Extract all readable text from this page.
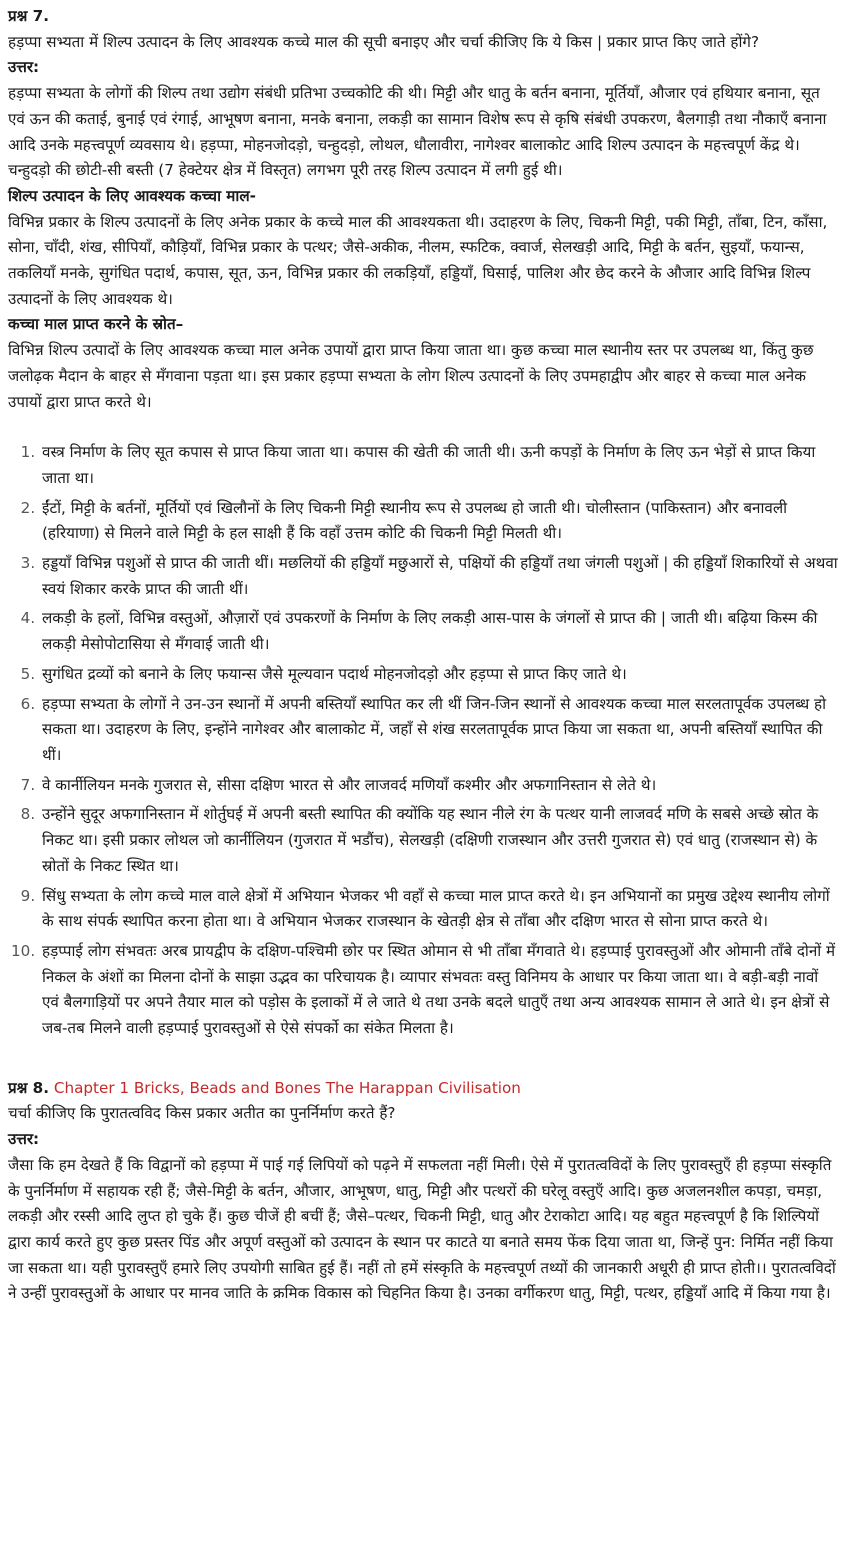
प्रश्न 7.

हड़प्पा सभ्यता में शिल्प उत्पादन के लिए आवश्यक कच्चे माल की सूची बनाइए और चर्चा कीजिए कि ये किस | प्रकार प्राप्त किए जाते होंगे?

उत्तर:

हड़प्पा सभ्यता के लोगों की शिल्प तथा उद्योग संबंधी प्रतिभा उच्चकोटि की थी। मिट्टी और धातु के बर्तन बनाना, मूर्तियाँ, औजार एवं हथियार बनाना, सूत एवं ऊन की कताई, बुनाई एवं रंगाई, आभूषण बनाना, मनके बनाना, लकड़ी का सामान विशेष रूप से कृषि संबंधी उपकरण, बैलगाड़ी तथा नौकाएँ बनाना आदि उनके महत्त्वपूर्ण व्यवसाय थे। हड़प्पा, मोहनजोदड़ो, चन्हुदड़ो, लोथल, धौलावीरा, नागेश्वर बालाकोट आदि शिल्प उत्पादन के महत्त्वपूर्ण केंद्र थे। चन्हुदड़ो की छोटी-सी बस्ती (7 हेक्टेयर क्षेत्र में विस्तृत) लगभग पूरी तरह शिल्प उत्पादन में लगी हुई थी।

शिल्प उत्पादन के लिए आवश्यक कच्चा माल-

विभिन्न प्रकार के शिल्प उत्पादनों के लिए अनेक प्रकार के कच्चे माल की आवश्यकता थी। उदाहरण के लिए, चिकनी मिट्टी, पकी मिट्टी, ताँबा, टिन, काँसा, सोना, चाँदी, शंख, सीपियाँ, कौड़ियाँ, विभिन्न प्रकार के पत्थर; जैसे-अकीक, नीलम, स्फटिक, क्वार्ज, सेलखड़ी आदि, मिट्टी के बर्तन, सुइयाँ, फयान्स, तकलियाँ मनके, सुगंधित पदार्थ, कपास, सूत, ऊन, विभिन्न प्रकार की लकड़ियाँ, हड्डियाँ, घिसाई, पालिश और छेद करने के औजार आदि विभिन्न शिल्प उत्पादनों के लिए आवश्यक थे।

कच्चा माल प्राप्त करने के स्रोत–

विभिन्न शिल्प उत्पादों के लिए आवश्यक कच्चा माल अनेक उपायों द्वारा प्राप्त किया जाता था। कुछ कच्चा माल स्थानीय स्तर पर उपलब्ध था, किंतु कुछ जलोढ़क मैदान के बाहर से मँगवाना पड़ता था। इस प्रकार हड़प्पा सभ्यता के लोग शिल्प उत्पादनों के लिए उपमहाद्वीप और बाहर से कच्चा माल अनेक उपायों द्वारा प्राप्त करते थे।

1. वस्त्र निर्माण के लिए सूत कपास से प्राप्त किया जाता था। कपास की खेती की जाती थी। ऊनी कपड़ों के निर्माण के लिए ऊन भेड़ों से प्राप्त किया जाता था।
2. ईंटों, मिट्टी के बर्तनों, मूर्तियों एवं खिलौनों के लिए चिकनी मिट्टी स्थानीय रूप से उपलब्ध हो जाती थी। चोलीस्तान (पाकिस्तान) और बनावली (हरियाणा) से मिलने वाले मिट्टी के हल साक्षी हैं कि वहाँ उत्तम कोटि की चिकनी मिट्टी मिलती थी।
3. हड्डयाँ विभिन्न पशुओं से प्राप्त की जाती थीं। मछलियों की हड्डियाँ मछुआरों से, पक्षियों की हड्डियाँ तथा जंगली पशुओं | की हड्डियाँ शिकारियों से अथवा स्वयं शिकार करके प्राप्त की जाती थीं।
4. लकड़ी के हलों, विभिन्न वस्तुओं, औज़ारों एवं उपकरणों के निर्माण के लिए लकड़ी आस-पास के जंगलों से प्राप्त की | जाती थी। बढ़िया किस्म की लकड़ी मेसोपोटासिया से मँगवाई जाती थी।
5. सुगंधित द्रव्यों को बनाने के लिए फयान्स जैसे मूल्यवान पदार्थ मोहनजोदड़ो और हड़प्पा से प्राप्त किए जाते थे।
6. हड़प्पा सभ्यता के लोगों ने उन-उन स्थानों में अपनी बस्तियाँ स्थापित कर ली थीं जिन-जिन स्थानों से आवश्यक कच्चा माल सरलतापूर्वक उपलब्ध हो सकता था। उदाहरण के लिए, इन्होंने नागेश्वर और बालाकोट में, जहाँ से शंख सरलतापूर्वक प्राप्त किया जा सकता था, अपनी बस्तियाँ स्थापित की थीं।
7. वे कार्नीलियन मनके गुजरात से, सीसा दक्षिण भारत से और लाजवर्द मणियाँ कश्मीर और अफगानिस्तान से लेते थे।
8. उन्होंने सुदूर अफगानिस्तान में शोर्तुघई में अपनी बस्ती स्थापित की क्योंकि यह स्थान नीले रंग के पत्थर यानी लाजवर्द मणि के सबसे अच्छे स्रोत के निकट था। इसी प्रकार लोथल जो कार्नीलियन (गुजरात में भडौंच), सेलखड़ी (दक्षिणी राजस्थान और उत्तरी गुजरात से) एवं धातु (राजस्थान से) के स्रोतों के निकट स्थित था।
9. सिंधु सभ्यता के लोग कच्चे माल वाले क्षेत्रों में अभियान भेजकर भी वहाँ से कच्चा माल प्राप्त करते थे। इन अभियानों का प्रमुख उद्देश्य स्थानीय लोगों के साथ संपर्क स्थापित करना होता था। वे अभियान भेजकर राजस्थान के खेतड़ी क्षेत्र से ताँबा और दक्षिण भारत से सोना प्राप्त करते थे।
10. हड़प्पाई लोग संभवतः अरब प्रायद्वीप के दक्षिण-पश्चिमी छोर पर स्थित ओमान से भी ताँबा मँगवाते थे। हड़प्पाई पुरावस्तुओं और ओमानी ताँबे दोनों में निकल के अंशों का मिलना दोनों के साझा उद्भव का परिचायक है। व्यापार संभवतः वस्तु विनिमय के आधार पर किया जाता था। वे बड़ी-बड़ी नावों एवं बैलगाड़ियों पर अपने तैयार माल को पड़ोस के इलाकों में ले जाते थे तथा उनके बदले धातुएँ तथा अन्य आवश्यक सामान ले आते थे। इन क्षेत्रों से जब-तब मिलने वाली हड़प्पाई पुरावस्तुओं से ऐसे संपर्को का संकेत मिलता है।

प्रश्न 8. Chapter 1 Bricks, Beads and Bones The Harappan Civilisation

चर्चा कीजिए कि पुरातत्वविद किस प्रकार अतीत का पुनर्निर्माण करते हैं?

उत्तर:

जैसा कि हम देखते हैं कि विद्वानों को हड़प्पा में पाई गई लिपियों को पढ़ने में सफलता नहीं मिली। ऐसे में पुरातत्वविदों के लिए पुरावस्तुएँ ही हड़प्पा संस्कृति के पुनर्निर्माण में सहायक रही हैं; जैसे-मिट्टी के बर्तन, औजार, आभूषण, धातु, मिट्टी और पत्थरों की घरेलू वस्तुएँ आदि। कुछ अजलनशील कपड़ा, चमड़ा, लकड़ी और रस्सी आदि लुप्त हो चुके हैं। कुछ चीजें ही बचीं हैं; जैसे–पत्थर, चिकनी मिट्टी, धातु और टेराकोटा आदि। यह बहुत महत्त्वपूर्ण है कि शिल्पियों द्वारा कार्य करते हुए कुछ प्रस्तर पिंड और अपूर्ण वस्तुओं को उत्पादन के स्थान पर काटते या बनाते समय फेंक दिया जाता था, जिन्हें पुन: निर्मित नहीं किया जा सकता था। यही पुरावस्तुएँ हमारे लिए उपयोगी साबित हुई हैं। नहीं तो हमें संस्कृति के महत्त्वपूर्ण तथ्यों की जानकारी अधूरी ही प्राप्त होती।। पुरातत्वविदों ने उन्हीं पुरावस्तुओं के आधार पर मानव जाति के क्रमिक विकास को चिहनित किया है। उनका वर्गीकरण धातु, मिट्टी, पत्थर, हड्डियाँ आदि में किया गया है।
